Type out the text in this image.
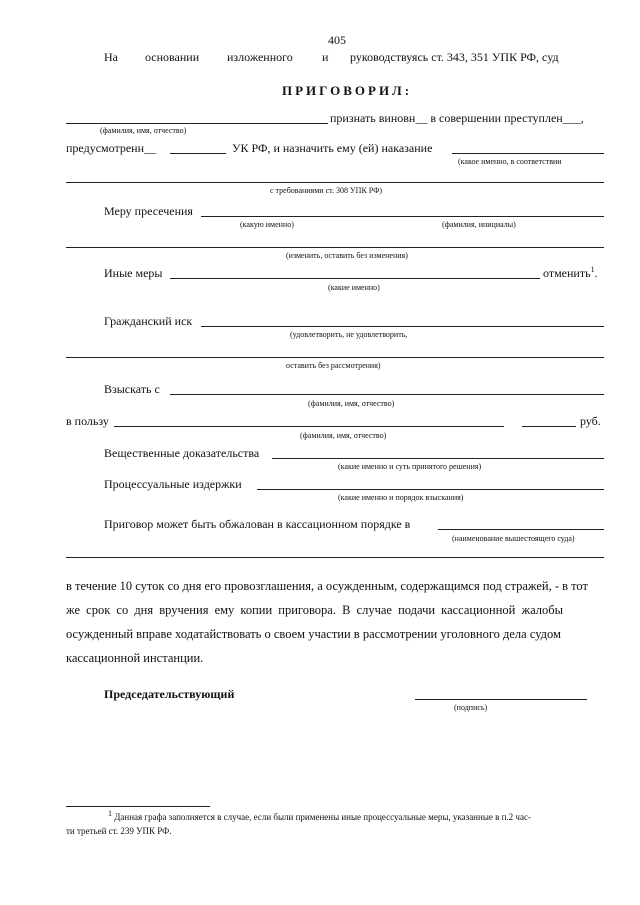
405
На основании изложенного и руководствуясь ст. 343, 351 УПК РФ, суд
ПРИГОВОРИЛ:
признать виновн__ в совершении преступлен___,
(фамилия, имя, отчество)
предусмотренн__	УК РФ, и назначить ему (ей) наказание
(какое именно, в соответствии
с требованиями ст. 308 УПК РФ)
Меру пресечения
(какую именно)	(фамилия, инициалы)
(изменить, оставить без изменения)
Иные меры	отменить$^1$.
(какие именно)
Гражданский иск
(удовлетворить, не удовлетворить,
оставить без рассмотрения)
Взыскать с
(фамилия, имя, отчество)
в пользу	руб.
(фамилия, имя, отчество)
Вещественные доказательства
(какие именно и суть принятого решения)
Процессуальные издержки
(какие именно и порядок взыскания)
Приговор может быть обжалован в кассационном порядке в
(наименование вышестоящего суда)
в течение 10 суток со дня его провозглашения, а осужденным, содержащимся под стражей, - в тот
же срок со дня вручения ему копии приговора. В случае подачи кассационной жалобы
осужденный вправе ходатайствовать о своем участии в рассмотрении уголовного дела судом
кассационной инстанции.
Председательствующий
(подпись)
$^1$ Данная графа заполняется в случае, если были применены иные процессуальные меры, указанные в п.2 час-
ти третьей ст. 239 УПК РФ.
